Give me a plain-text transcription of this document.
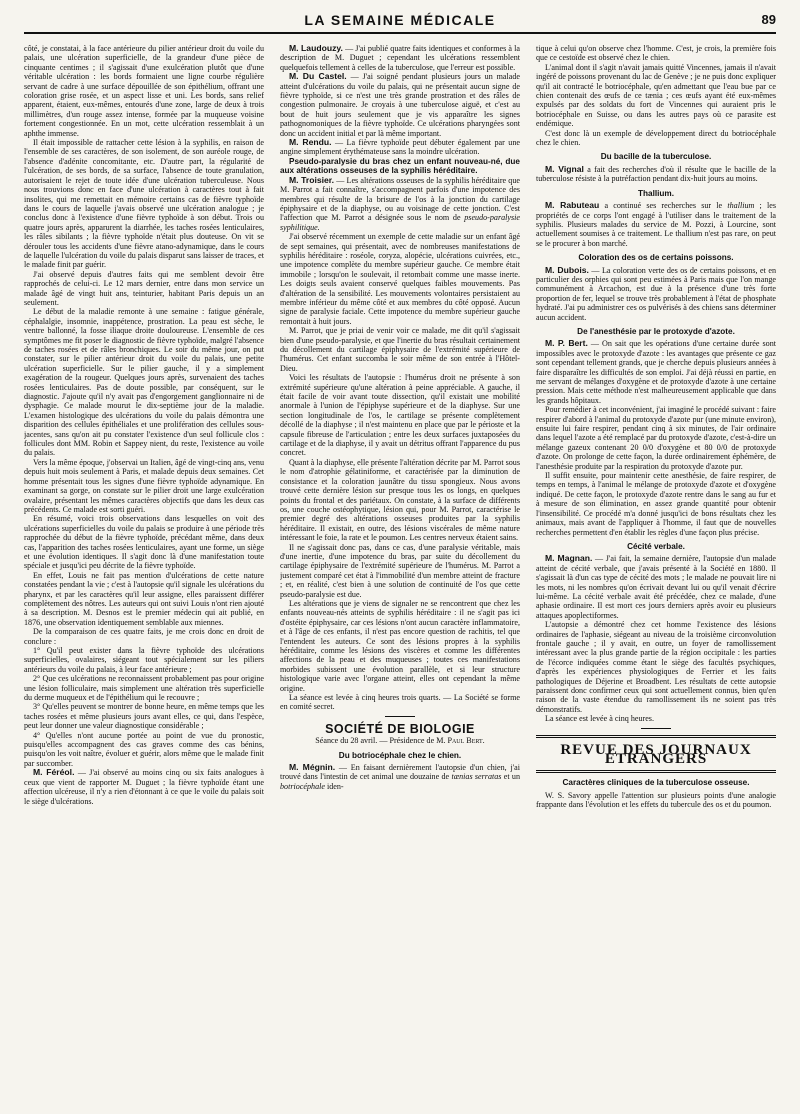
LA SEMAINE MÉDICALE	89

côté, je constatai, à la face antérieure du pilier antérieur droit du voile du palais, une ulcération superficielle, de la grandeur d'une pièce de cinquante centimes ; il s'agissait d'une exulcération plutôt que d'une véritable ulcération : les bords formaient une ligne courbe régulière servant de cadre à une surface dépouillée de son épithélium, offrant une coloration grise rosée, et un aspect lisse et uni. Les bords, sans relief apparent, étaient, eux-mêmes, entourés d'une zone, large de deux à trois millimètres, d'un rouge assez intense, formée par la muqueuse voisine fortement congestionnée. En un mot, cette ulcération ressemblait à un aphthe immense.

Il était impossible de rattacher cette lésion à la syphilis, en raison de l'ensemble de ses caractères, de son isolement, de son auréole rouge, de l'absence d'adénite concomitante, etc. D'autre part, la régularité de l'ulcération, de ses bords, de sa surface, l'absence de toute granulation, autorisaient le rejet de toute idée d'une ulcération tuberculeuse. Nous nous trouvions donc en face d'une ulcération à caractères tout à fait insolites, qui me remettait en mémoire certains cas de fièvre typhoïde dans le cours de laquelle j'avais observé une ulcération analogue ; je conclus donc à l'existence d'une fièvre typhoïde à son début. Trois ou quatre jours après, apparurent la diarrhée, les taches rosées lenticulaires, les râles sibilants ; la fièvre typhoïde n'était plus douteuse. On vit se dérouler tous les accidents d'une fièvre atano-adynamique, dans le cours de laquelle l'ulcération du voile du palais disparut sans laisser de traces, et le malade finit par guérir.

J'ai observé depuis d'autres faits qui me semblent devoir être rapprochés de celui-ci. Le 12 mars dernier, entre dans mon service un malade âgé de vingt huit ans, teinturier, habitant Paris depuis un an seulement.

Le début de la maladie remonte à une semaine : fatigue générale, céphalalgie, insomnie, inappétence, prostration. La peau est sèche, le ventre ballonné, la fosse iliaque droite douloureuse. L'ensemble de ces symptômes me fit poser le diagnostic de fièvre typhoïde, malgré l'absence de taches rosées et de râles bronchiques. Le soir du même jour, on put constater, sur le pilier antérieur droit du voile du palais, une petite ulcération superficielle. Sur le pilier gauche, il y a simplement exagération de la rougeur. Quelques jours après, survenaient des taches rosées lenticulaires. Pas de doute possible, par conséquent, sur le diagnostic. J'ajoute qu'il n'y avait pas d'engorgement ganglionnaire ni de dysphagie. Ce malade mourut le dix-septième jour de la maladie. L'examen histologique des ulcérations du voile du palais démontra une disparition des cellules épithéliales et une prolifération des cellules sous-jacentes, sans qu'on ait pu constater l'existence d'un seul follicule clos : follicules dont MM. Robin et Sappey nient, du reste, l'existence au voile du palais.

Vers la même époque, j'observai un Italien, âgé de vingt-cinq ans, venu depuis huit mois seulement à Paris, et malade depuis deux semaines. Cet homme présentait tous les signes d'une fièvre typhoïde adynamique. En examinant sa gorge, on constate sur le pilier droit une large exulcération ovalaire, présentant les mêmes caractères objectifs que dans les deux cas précédents. Ce malade est sorti guéri.

En résumé, voici trois observations dans lesquelles on voit des ulcérations superficielles du voile du palais se produire à une période très rapprochée du début de la fièvre typhoïde, précédant même, dans deux cas, l'apparition des taches rosées lenticulaires, ayant une forme, un siège et une évolution identiques. Il s'agit donc là d'une manifestation toute spéciale et jusqu'ici peu décrite de la fièvre typhoïde.

En effet, Louis ne fait pas mention d'ulcérations de cette nature constatées pendant la vie ; c'est à l'autopsie qu'il signale les ulcérations du pharynx, et par les caractères qu'il leur assigne, elles paraissent différer complètement des nôtres. Les auteurs qui ont suivi Louis n'ont rien ajouté à sa description. M. Desnos est le premier médecin qui ait publié, en 1876, une observation identiquement semblable aux miennes.

De la comparaison de ces quatre faits, je me crois donc en droit de conclure :

1° Qu'il peut exister dans la fièvre typhoïde des ulcérations superficielles, ovalaires, siégeant tout spécialement sur les piliers antérieurs du voile du palais, à leur face antérieure ;

2° Que ces ulcérations ne reconnaissent probablement pas pour origine une lésion folliculaire, mais simplement une altération très superficielle du derme muqueux et de l'épithélium qui le recouvre ;

3° Qu'elles peuvent se montrer de bonne heure, en même temps que les taches rosées et même plusieurs jours avant elles, ce qui, dans l'espèce, peut leur donner une valeur diagnostique considérable ;

4° Qu'elles n'ont aucune portée au point de vue du pronostic, puisqu'elles accompagnent des cas graves comme des cas bénins, puisqu'on les voit naître, évoluer et guérir, alors même que le malade finit par succomber.

M. Féréol. — J'ai observé au moins cinq ou six faits analogues à ceux que vient de rapporter M. Duguet ; la fièvre typhoïde étant une affection ulcéreuse, il n'y a rien d'étonnant à ce que le voile du palais soit le siège d'ulcérations.

M. Laudouzy. — J'ai publié quatre faits identiques et conformes à la description de M. Duguet ; cependant les ulcérations ressemblent quelquefois tellement à celles de la tuberculose, que l'erreur est possible.

M. Du Castel. — J'ai soigné pendant plusieurs jours un malade atteint d'ulcérations du voile du palais, qui ne présentait aucun signe de fièvre typhoïde, si ce n'est une très grande prostration et des râles de congestion pulmonaire. Je croyais à une tuberculose aiguë, et c'est au bout de huit jours seulement que je vis apparaître les signes pathognomoniques de la fièvre typhoïde. Ce ulcérations pharyngées sont donc un accident initial et par là même important.

M. Rendu. — La fièvre typhoïde peut débuter également par une angine simplement érythémateuse sans la moindre ulcération.

Pseudo-paralysie du bras chez un enfant nouveau-né, due aux altérations osseuses de la syphilis héréditaire.

M. Troisier. — Les altérations osseuses de la syphilis héréditaire que M. Parrot a fait connaître, s'accompagnent parfois d'une impotence des membres qui résulte de la brisure de l'os à la jonction du cartilage épiphysaire et de la diaphyse, ou au voisinage de cette jonction. C'est l'affection que M. Parrot a désignée sous le nom de pseudo-paralysie syphilitique.

J'ai observé récemment un exemple de cette maladie sur un enfant âgé de sept semaines, qui présentait, avec de nombreuses manifestations de syphilis héréditaire : roséole, coryza, alopécie, ulcérations cuivrées, etc., une impotence complète du membre supérieur gauche. Ce membre était immobile ; lorsqu'on le soulevait, il retombait comme une masse inerte. Les doigts seuls avaient conservé quelques faibles mouvements. Pas d'altération de la sensibilité. Les mouvements volontaires persistaient au membre inférieur du même côté et aux membres du côté opposé. Aucun signe de paralysie faciale. Cette impotence du membre supérieur gauche remontait à huit jours.

M. Parrot, que je priai de venir voir ce malade, me dit qu'il s'agissait bien d'une pseudo-paralysie, et que l'inertie du bras résultait certainement du décollement du cartilage épiphysaire de l'extrémité supérieure de l'humérus. Cet enfant succomba le soir même de son entrée à l'Hôtel-Dieu.

Voici les résultats de l'autopsie : l'humérus droit ne présente à son extrémité supérieure qu'une altération à peine appréciable. A gauche, il était facile de voir avant toute dissection, qu'il existait une mobilité anormale à l'union de l'épiphyse supérieure et de la diaphyse. Sur une section longitudinale de l'os, le cartilage se présente complètement décollé de la diaphyse ; il n'est maintenu en place que par le périoste et la capsule fibreuse de l'articulation ; entre les deux surfaces juxtaposées du cartilage et de la diaphyse, il y avait un détritus offrant l'apparence du pus concret.

Quant à la diaphyse, elle présente l'altération décrite par M. Parrot sous le nom d'atrophie gélatiniforme, et caractérisée par la diminution de consistance et la coloration jaunâtre du tissu spongieux. Nous avons trouvé cette dernière lésion sur presque tous les os longs, en quelques points du frontal et des pariétaux. On constate, à la surface de différents os, une couche ostéophytique, lésion qui, pour M. Parrot, caractérise le premier degré des altérations osseuses produites par la syphilis héréditaire. Il existait, en outre, des lésions viscérales de même nature intéressant le foie, la rate et le poumon. Les centres nerveux étaient sains.

Il ne s'agissait donc pas, dans ce cas, d'une paralysie véritable, mais d'une inertie, d'une impotence du bras, par suite du décollement du cartilage épiphysaire de l'extrémité supérieure de l'humérus. M. Parrot a justement comparé cet état à l'immobilité d'un membre atteint de fracture ; et, en réalité, c'est bien à une solution de continuité de l'os que cette pseudo-paralysie est due.

Les altérations que je viens de signaler ne se rencontrent que chez les enfants nouveau-nés atteints de syphilis héréditaire : il ne s'agit pas ici d'ostéite épiphysaire, car ces lésions n'ont aucun caractère inflammatoire, et à l'âge de ces enfants, il n'est pas encore question de rachitis, tel que l'entendent les auteurs. Ce sont des lésions propres à la syphilis héréditaire, comme les lésions des viscères et comme les différentes affections de la peau et des muqueuses ; toutes ces manifestations morbides subissent une évolution parallèle, et si leur structure histologique varie avec l'organe atteint, elles ont cependant la même origine.

La séance est levée à cinq heures trois quarts. — La Société se forme en comité secret.

SOCIÉTÉ DE BIOLOGIE
Séance du 28 avril. — Présidence de M. Paul Bert.
Du botriocéphale chez le chien.

M. Mégnin. — En faisant dernièrement l'autopsie d'un chien, j'ai trouvé dans l'intestin de cet animal une douzaine de tænias serratas et un botriocéphale iden-

tique à celui qu'on observe chez l'homme. C'est, je crois, la première fois que ce cestoïde est observé chez le chien.

L'animal dont il s'agit n'avait jamais quitté Vincennes, jamais il n'avait ingéré de poissons provenant du lac de Genève ; je ne puis donc expliquer qu'il ait contracté le botriocéphale, qu'en admettant que l'eau bue par ce chien contenait des œufs de ce tænia ; ces œufs ayant été eux-mêmes expulsés par des soldats du fort de Vincennes qui auraient pris le botriocéphale en Suisse, ou dans les autres pays où ce parasite est endémique.

C'est donc là un exemple de développement direct du botriocéphale chez le chien.

Du bacille de la tuberculose.

M. Vignal a fait des recherches d'où il résulte que le bacille de la tuberculose résiste à la putréfaction pendant dix-huit jours au moins.

Thallium.

M. Rabuteau a continué ses recherches sur le thallium ; les propriétés de ce corps l'ont engagé à l'utiliser dans le traitement de la syphilis. Plusieurs malades du service de M. Pozzi, à Lourcine, sont actuellement soumises à ce traitement. Le thallium n'est pas rare, on peut se le procurer à bon marché.

Coloration des os de certains poissons.

M. Dubois. — La coloration verte des os de certains poissons, et en particulier des orphies qui sont peu estimées à Paris mais que l'on mange communément à Arcachon, est due à la présence d'une très forte proportion de fer, lequel se trouve très probablement à l'état de phosphate hydraté. J'ai pu administrer ces os pulvérisés à des chiens sans déterminer aucun accident.

De l'anesthésie par le protoxyde d'azote.

M. P. Bert. — On sait que les opérations d'une certaine durée sont impossibles avec le protoxyde d'azote : les avantages que présente ce gaz sont cependant tellement grands, que je cherche depuis plusieurs années à faire disparaître les difficultés de son emploi. J'ai déjà réussi en partie, en me servant de mélanges d'oxygène et de protoxyde d'azote à une certaine pression. Mais cette méthode n'est malheureusement applicable que dans les grands hôpitaux.

Pour remédier à cet inconvénient, j'ai imaginé le procédé suivant : faire respirer d'abord à l'animal du protoxyde d'azote pur (une minute environ), ensuite lui faire respirer, pendant cinq à six minutes, de l'air ordinaire dans lequel l'azote a été remplacé par du protoxyde d'azote, c'est-à-dire un mélange gazeux contenant 20 0/0 d'oxygène et 80 0/0 de protoxyde d'azote. On prolonge de cette façon, la durée ordinairement éphémère, de l'anesthésie produite par la respiration du protoxyde d'azote pur.

Il suffit ensuite, pour maintenir cette anesthésie, de faire respirer, de temps en temps, à l'animal le mélange de protoxyde d'azote et d'oxygène indiqué. De cette façon, le protoxyde d'azote rentre dans le sang au fur et à mesure de son élimination, en assez grande quantité pour obtenir l'insensibilité. Ce procédé m'a donné jusqu'ici de bons résultats chez les animaux, mais avant de l'appliquer à l'homme, il faut que de nouvelles recherches permettent d'en établir les règles d'une façon plus précise.

Cécité verbale.

M. Magnan. — J'ai fait, la semaine dernière, l'autopsie d'un malade atteint de cécité verbale, que j'avais présenté à la Société en 1880. Il s'agissait là d'un cas type de cécité des mots ; le malade ne pouvait lire ni les mots, ni les nombres qu'on écrivait devant lui ou qu'il venait d'écrire lui-même. La cécité verbale avait été précédée, chez ce malade, d'une aphasie ordinaire. Il est mort ces jours derniers après avoir eu plusieurs attaques apoplectiformes.

L'autopsie a démontré chez cet homme l'existence des lésions ordinaires de l'aphasie, siégeant au niveau de la troisième circonvolution frontale gauche ; il y avait, en outre, un foyer de ramollissement intéressant avec la plus grande partie de la région occipitale : les parties de l'écorce indiquées comme étant le siège des facultés psychiques, d'après les expériences physiologiques de Ferrier et les faits pathologiques de Déjerine et Broadbent. Les résultats de cette autopsie paraissent donc confirmer ceux qui sont actuellement connus, bien qu'en raison de la vaste étendue du ramollissement ils ne soient pas très démonstratifs.

La séance est levée à cinq heures.

REVUE DES JOURNAUX ÉTRANGERS
Caractères cliniques de la tuberculose osseuse.

W. S. Savory appelle l'attention sur plusieurs points d'une analogie frappante dans l'évolution et les effets du tubercule des os et du poumon.
